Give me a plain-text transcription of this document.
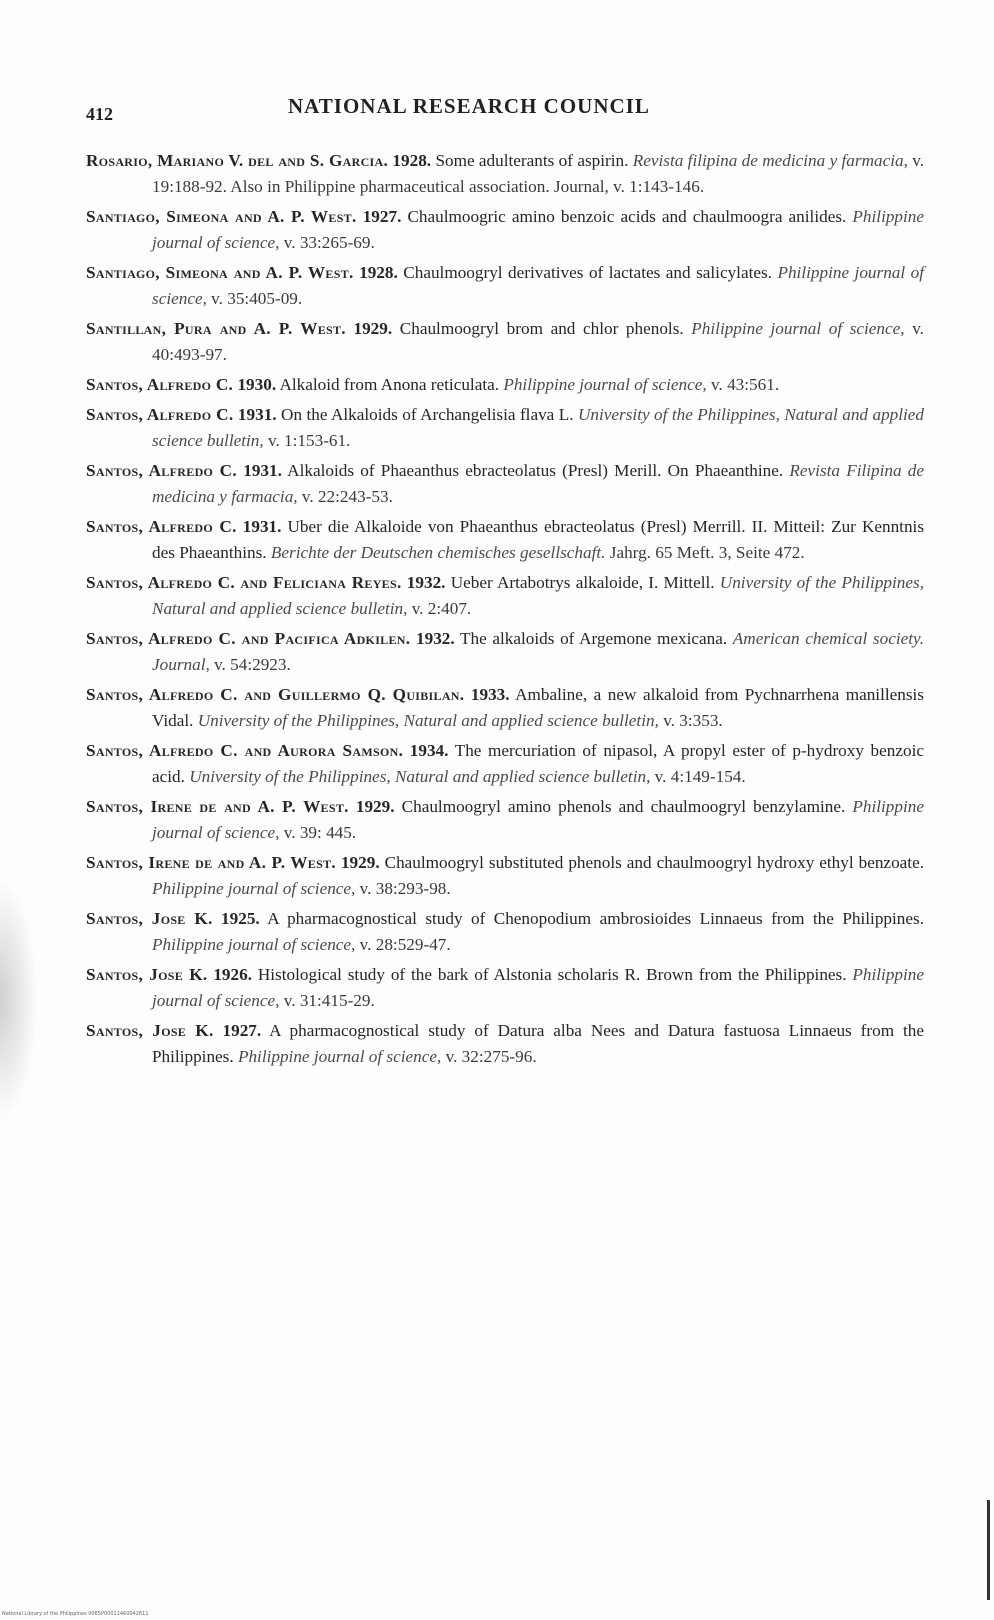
412	NATIONAL RESEARCH COUNCIL
Rosario, Mariano V. del and S. Garcia. 1928. Some adulterants of aspirin. Revista filipina de medicina y farmacia, v. 19:188-92. Also in Philippine pharmaceutical association. Journal, v. 1:143-146.
Santiago, Simeona and A. P. West. 1927. Chaulmoogric amino benzoic acids and chaulmoogra anilides. Philippine journal of science, v. 33:265-69.
Santiago, Simeona and A. P. West. 1928. Chaulmoogryl derivatives of lactates and salicylates. Philippine journal of science, v. 35:405-09.
Santillan, Pura and A. P. West. 1929. Chaulmoogryl brom and chlor phenols. Philippine journal of science, v. 40:493-97.
Santos, Alfredo C. 1930. Alkaloid from Anona reticulata. Philippine journal of science, v. 43:561.
Santos, Alfredo C. 1931. On the Alkaloids of Archangelisia flava L. University of the Philippines, Natural and applied science bulletin, v. 1:153-61.
Santos, Alfredo C. 1931. Alkaloids of Phaeanthus ebracteolatus (Presl) Merill. On Phaeanthine. Revista Filipina de medicina y farmacia, v. 22:243-53.
Santos, Alfredo C. 1931. Uber die Alkaloide von Phaeanthus ebracteolatus (Presl) Merrill. II. Mitteil: Zur Kenntnis des Phaeanthins. Berichte der Deutschen chemisches gesellschaft. Jahrg. 65 Meft. 3, Seite 472.
Santos, Alfredo C. and Feliciana Reyes. 1932. Ueber Artabotrys alkaloide, I. Mittell. University of the Philippines, Natural and applied science bulletin, v. 2:407.
Santos, Alfredo C. and Pacifica Adkilen. 1932. The alkaloids of Argemone mexicana. American chemical society. Journal, v. 54:2923.
Santos, Alfredo C. and Guillermo Q. Quibilan. 1933. Ambaline, a new alkaloid from Pychnarrhena manillensis Vidal. University of the Philippines, Natural and applied science bulletin, v. 3:353.
Santos, Alfredo C. and Aurora Samson. 1934. The mercuriation of nipasol, A propyl ester of p-hydroxy benzoic acid. University of the Philippines, Natural and applied science bulletin, v. 4:149-154.
Santos, Irene de and A. P. West. 1929. Chaulmoogryl amino phenols and chaulmoogryl benzylamine. Philippine journal of science, v. 39: 445.
Santos, Irene de and A. P. West. 1929. Chaulmoogryl substituted phenols and chaulmoogryl hydroxy ethyl benzoate. Philippine journal of science, v. 38:293-98.
Santos, Jose K. 1925. A pharmacognostical study of Chenopodium ambrosioides Linnaeus from the Philippines. Philippine journal of science, v. 28:529-47.
Santos, Jose K. 1926. Histological study of the bark of Alstonia scholaris R. Brown from the Philippines. Philippine journal of science, v. 31:415-29.
Santos, Jose K. 1927. A pharmacognostical study of Datura alba Nees and Datura fastuosa Linnaeus from the Philippines. Philippine journal of science, v. 32:275-96.
National Library of the Philippines 0065P00011460042611
